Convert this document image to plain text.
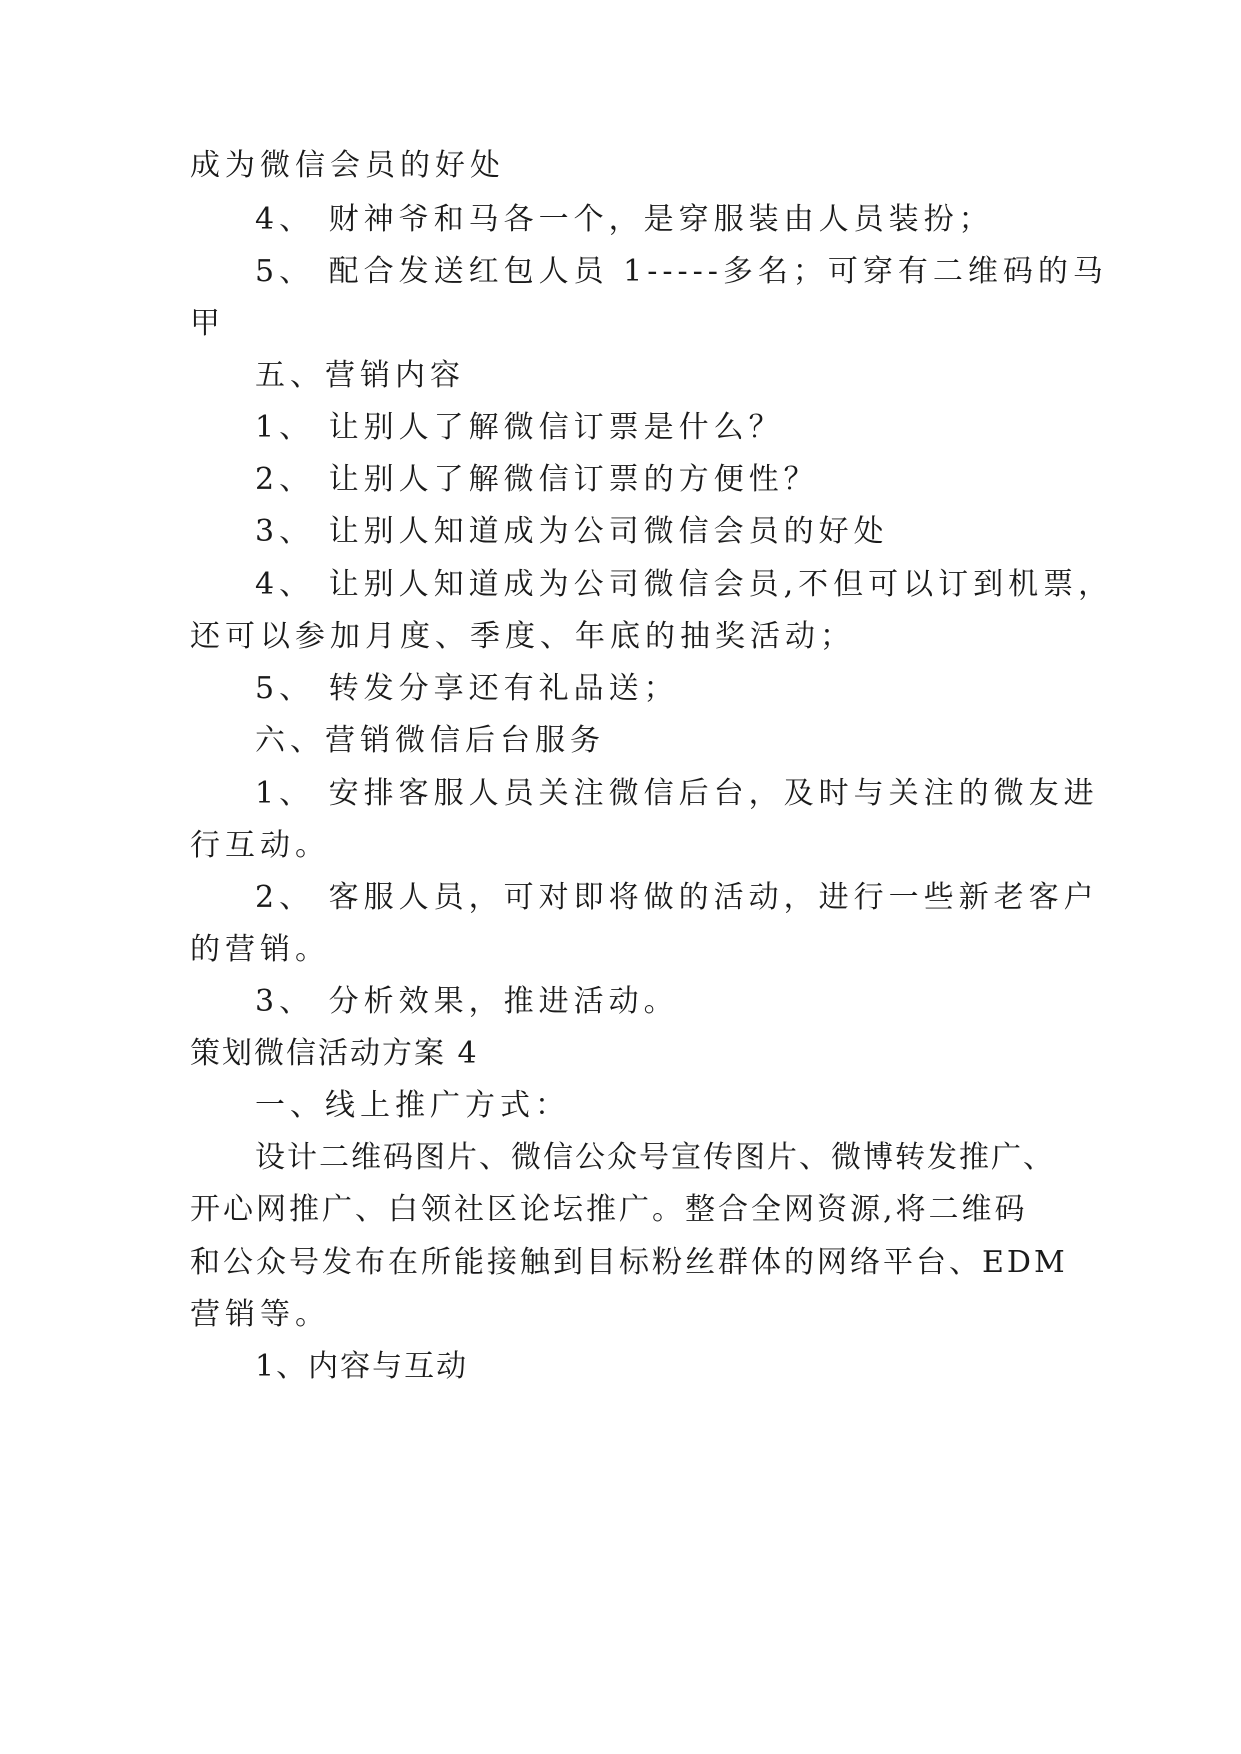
成为微信会员的好处
4、 财神爷和马各一个，是穿服装由人员装扮；
5、 配合发送红包人员 1-----多名；可穿有二维码的马
甲
五、营销内容
1、 让别人了解微信订票是什么？
2、 让别人了解微信订票的方便性？
3、 让别人知道成为公司微信会员的好处
4、 让别人知道成为公司微信会员,不但可以订到机票，
还可以参加月度、季度、年底的抽奖活动；
5、 转发分享还有礼品送；
六、营销微信后台服务
1、 安排客服人员关注微信后台，及时与关注的微友进
行互动。
2、 客服人员，可对即将做的活动，进行一些新老客户
的营销。
3、 分析效果，推进活动。
策划微信活动方案 4
一、线上推广方式：
设计二维码图片、微信公众号宣传图片、微博转发推广、
开心网推广、白领社区论坛推广。整合全网资源,将二维码
和公众号发布在所能接触到目标粉丝群体的网络平台、EDM
营销等。
1、内容与互动
